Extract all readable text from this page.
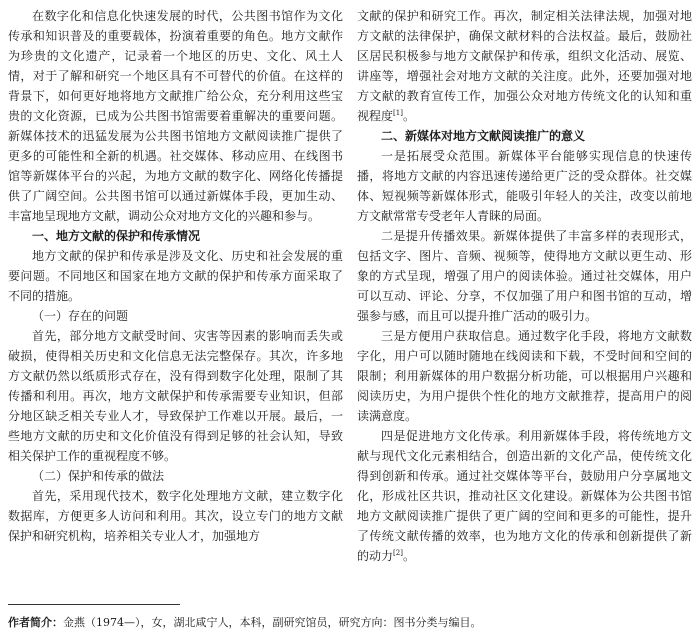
在数字化和信息化快速发展的时代，公共图书馆作为文化传承和知识普及的重要载体，扮演着重要的角色。地方文献作为珍贵的文化遗产，记录着一个地区的历史、文化、风土人情，对于了解和研究一个地区具有不可替代的价值。在这样的背景下，如何更好地将地方文献推广给公众，充分利用这些宝贵的文化资源，已成为公共图书馆需要着重解决的重要问题。新媒体技术的迅猛发展为公共图书馆地方文献阅读推广提供了更多的可能性和全新的机遇。社交媒体、移动应用、在线图书馆等新媒体平台的兴起，为地方文献的数字化、网络化传播提供了广阔空间。公共图书馆可以通过新媒体手段，更加生动、丰富地呈现地方文献，调动公众对地方文化的兴趣和参与。

一、地方文献的保护和传承情况

地方文献的保护和传承是涉及文化、历史和社会发展的重要问题。不同地区和国家在地方文献的保护和传承方面采取了不同的措施。

（一）存在的问题

首先，部分地方文献受时间、灾害等因素的影响而丢失或破损，使得相关历史和文化信息无法完整保存。其次，许多地方文献仍然以纸质形式存在，没有得到数字化处理，限制了其传播和利用。再次，地方文献保护和传承需要专业知识，但部分地区缺乏相关专业人才，导致保护工作难以开展。最后，一些地方文献的历史和文化价值没有得到足够的社会认知，导致相关保护工作的重视程度不够。

（二）保护和传承的做法

首先，采用现代技术，数字化处理地方文献，建立数字化数据库，方便更多人访问和利用。其次，设立专门的地方文献保护和研究机构，培养相关专业人才，加强地方

文献的保护和研究工作。再次，制定相关法律法规，加强对地方文献的法律保护，确保文献材料的合法权益。最后，鼓励社区居民积极参与地方文献保护和传承，组织文化活动、展览、讲座等，增强社会对地方文献的关注度。此外，还要加强对地方文献的教育宣传工作，加强公众对地方传统文化的认知和重视程度[1]。

二、新媒体对地方文献阅读推广的意义

一是拓展受众范围。新媒体平台能够实现信息的快速传播，将地方文献的内容迅速传递给更广泛的受众群体。社交媒体、短视频等新媒体形式，能吸引年轻人的关注，改变以前地方文献常常专受老年人青睐的局面。

二是提升传播效果。新媒体提供了丰富多样的表现形式，包括文字、图片、音频、视频等，使得地方文献以更生动、形象的方式呈现，增强了用户的阅读体验。通过社交媒体，用户可以互动、评论、分享，不仅加强了用户和图书馆的互动，增强参与感，而且可以提升推广活动的吸引力。

三是方便用户获取信息。通过数字化手段，将地方文献数字化，用户可以随时随地在线阅读和下载，不受时间和空间的限制；利用新媒体的用户数据分析功能，可以根据用户兴趣和阅读历史，为用户提供个性化的地方文献推荐，提高用户的阅读满意度。

四是促进地方文化传承。利用新媒体手段，将传统地方文献与现代文化元素相结合，创造出新的文化产品，使传统文化得到创新和传承。通过社交媒体等平台，鼓励用户分享属地文化，形成社区共识，推动社区文化建设。新媒体为公共图书馆地方文献阅读推广提供了更广阔的空间和更多的可能性，提升了传统文献传播的效率，也为地方文化的传承和创新提供了新的动力[2]。

作者简介：金燕（1974—），女，湖北咸宁人，本科，副研究馆员，研究方向：图书分类与编目。
